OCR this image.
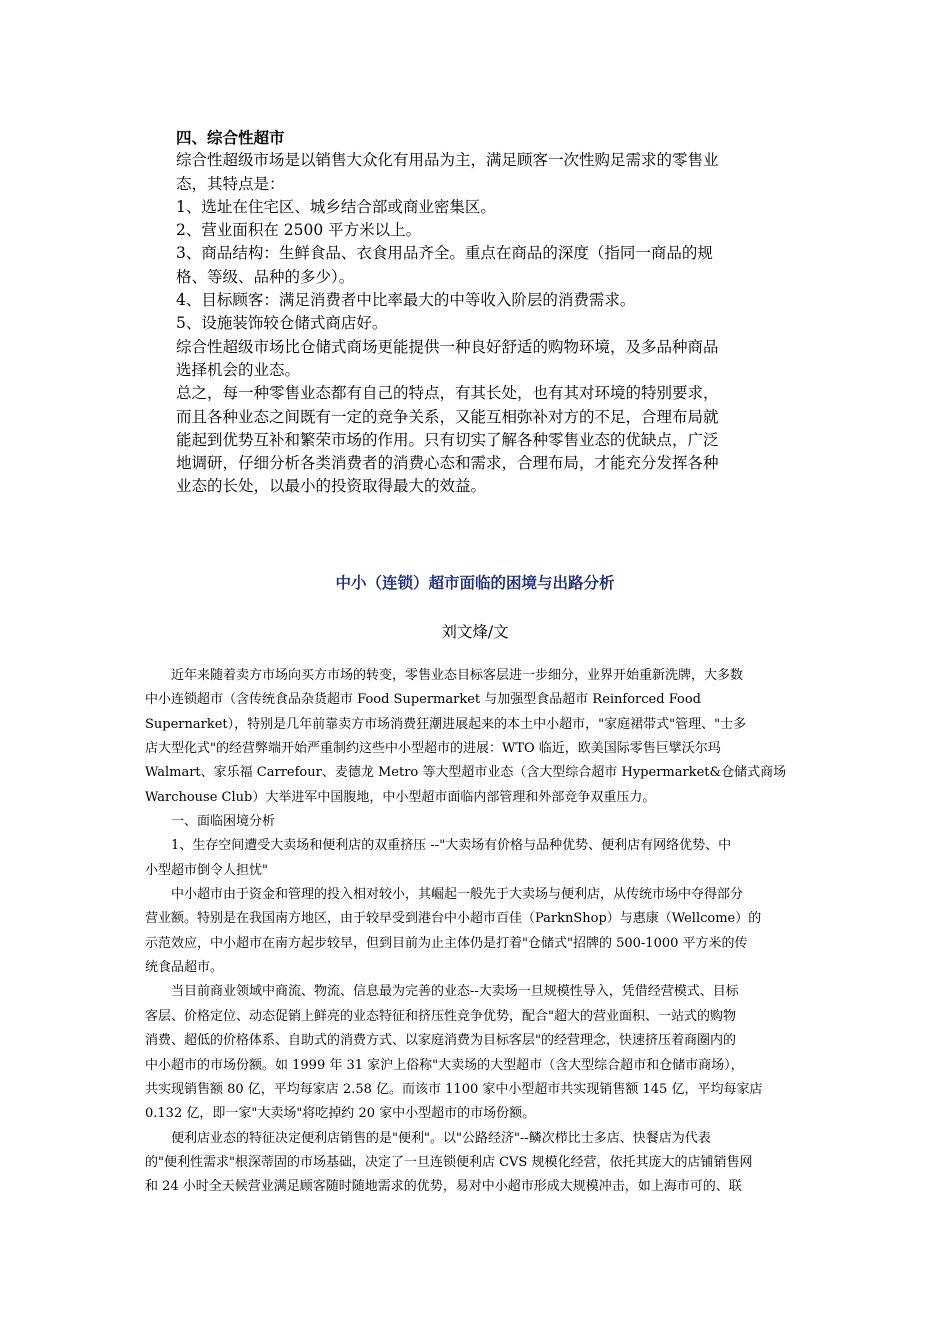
四、综合性超市
综合性超级市场是以销售大众化有用品为主，满足顾客一次性购足需求的零售业
态，其特点是：
1、选址在住宅区、城乡结合部或商业密集区。
2、营业面积在 2500 平方米以上。
3、商品结构：生鲜食品、衣食用品齐全。重点在商品的深度（指同一商品的规
格、等级、品种的多少）。
4、目标顾客：满足消费者中比率最大的中等收入阶层的消费需求。
5、设施装饰较仓储式商店好。
综合性超级市场比仓储式商场更能提供一种良好舒适的购物环境，及多品种商品
选择机会的业态。
总之，每一种零售业态都有自己的特点，有其长处，也有其对环境的特别要求，
而且各种业态之间既有一定的竞争关系，又能互相弥补对方的不足，合理布局就
能起到优势互补和繁荣市场的作用。只有切实了解各种零售业态的优缺点，广泛
地调研，仔细分析各类消费者的消费心态和需求，合理布局，才能充分发挥各种
业态的长处，以最小的投资取得最大的效益。
中小（连锁）超市面临的困境与出路分析
刘文烽/文
近年来随着卖方市场向买方市场的转变，零售业态目标客层进一步细分，业界开始重新洗牌，大多数
中小连锁超市（含传统食品杂货超市 Food Supermarket 与加强型食品超市 Reinforced Food
Supernarket），特别是几年前靠卖方市场消费狂潮进展起来的本土中小超市，"家庭裙带式"管理、"士多
店大型化式"的经营弊端开始严重制约这些中小型超市的进展：WTO 临近，欧美国际零售巨擘沃尔玛
Walmart、家乐福 Carrefour、麦德龙 Metro 等大型超市业态（含大型综合超市 Hypermarket&仓储式商场
Warchouse Club）大举进军中国腹地，中小型超市面临内部管理和外部竞争双重压力。
一、面临困境分析
1、生存空间遭受大卖场和便利店的双重挤压 --"大卖场有价格与品种优势、便利店有网络优势、中
小型超市倒令人担忧"
中小超市由于资金和管理的投入相对较小，其崛起一般先于大卖场与便利店，从传统市场中夺得部分
营业额。特别是在我国南方地区，由于较早受到港台中小超市百佳（ParknShop）与惠康（Wellcome）的
示范效应，中小超市在南方起步较早，但到目前为止主体仍是打着"仓储式"招牌的 500-1000 平方米的传
统食品超市。
当目前商业领域中商流、物流、信息最为完善的业态--大卖场一旦规模性导入，凭借经营模式、目标
客层、价格定位、动态促销上鲜亮的业态特征和挤压性竞争优势，配合"超大的营业面积、一站式的购物
消费、超低的价格体系、自助式的消费方式、以家庭消费为目标客层"的经营理念，快速挤压着商圈内的
中小超市的市场份额。如 1999 年 31 家沪上俗称"大卖场的大型超市（含大型综合超市和仓储市商场），
共实现销售额 80 亿，平均每家店 2.58 亿。而该市 1100 家中小型超市共实现销售额 145 亿，平均每家店
0.132 亿，即一家"大卖场"将吃掉约 20 家中小型超市的市场份额。
便利店业态的特征决定便利店销售的是"便利"。以"公路经济"--鳞次栉比士多店、快餐店为代表
的"便利性需求"根深蒂固的市场基础，决定了一旦连锁便利店 CVS 规模化经营，依托其庞大的店铺销售网
和 24 小时全天候营业满足顾客随时随地需求的优势，易对中小超市形成大规模冲击，如上海市可的、联
